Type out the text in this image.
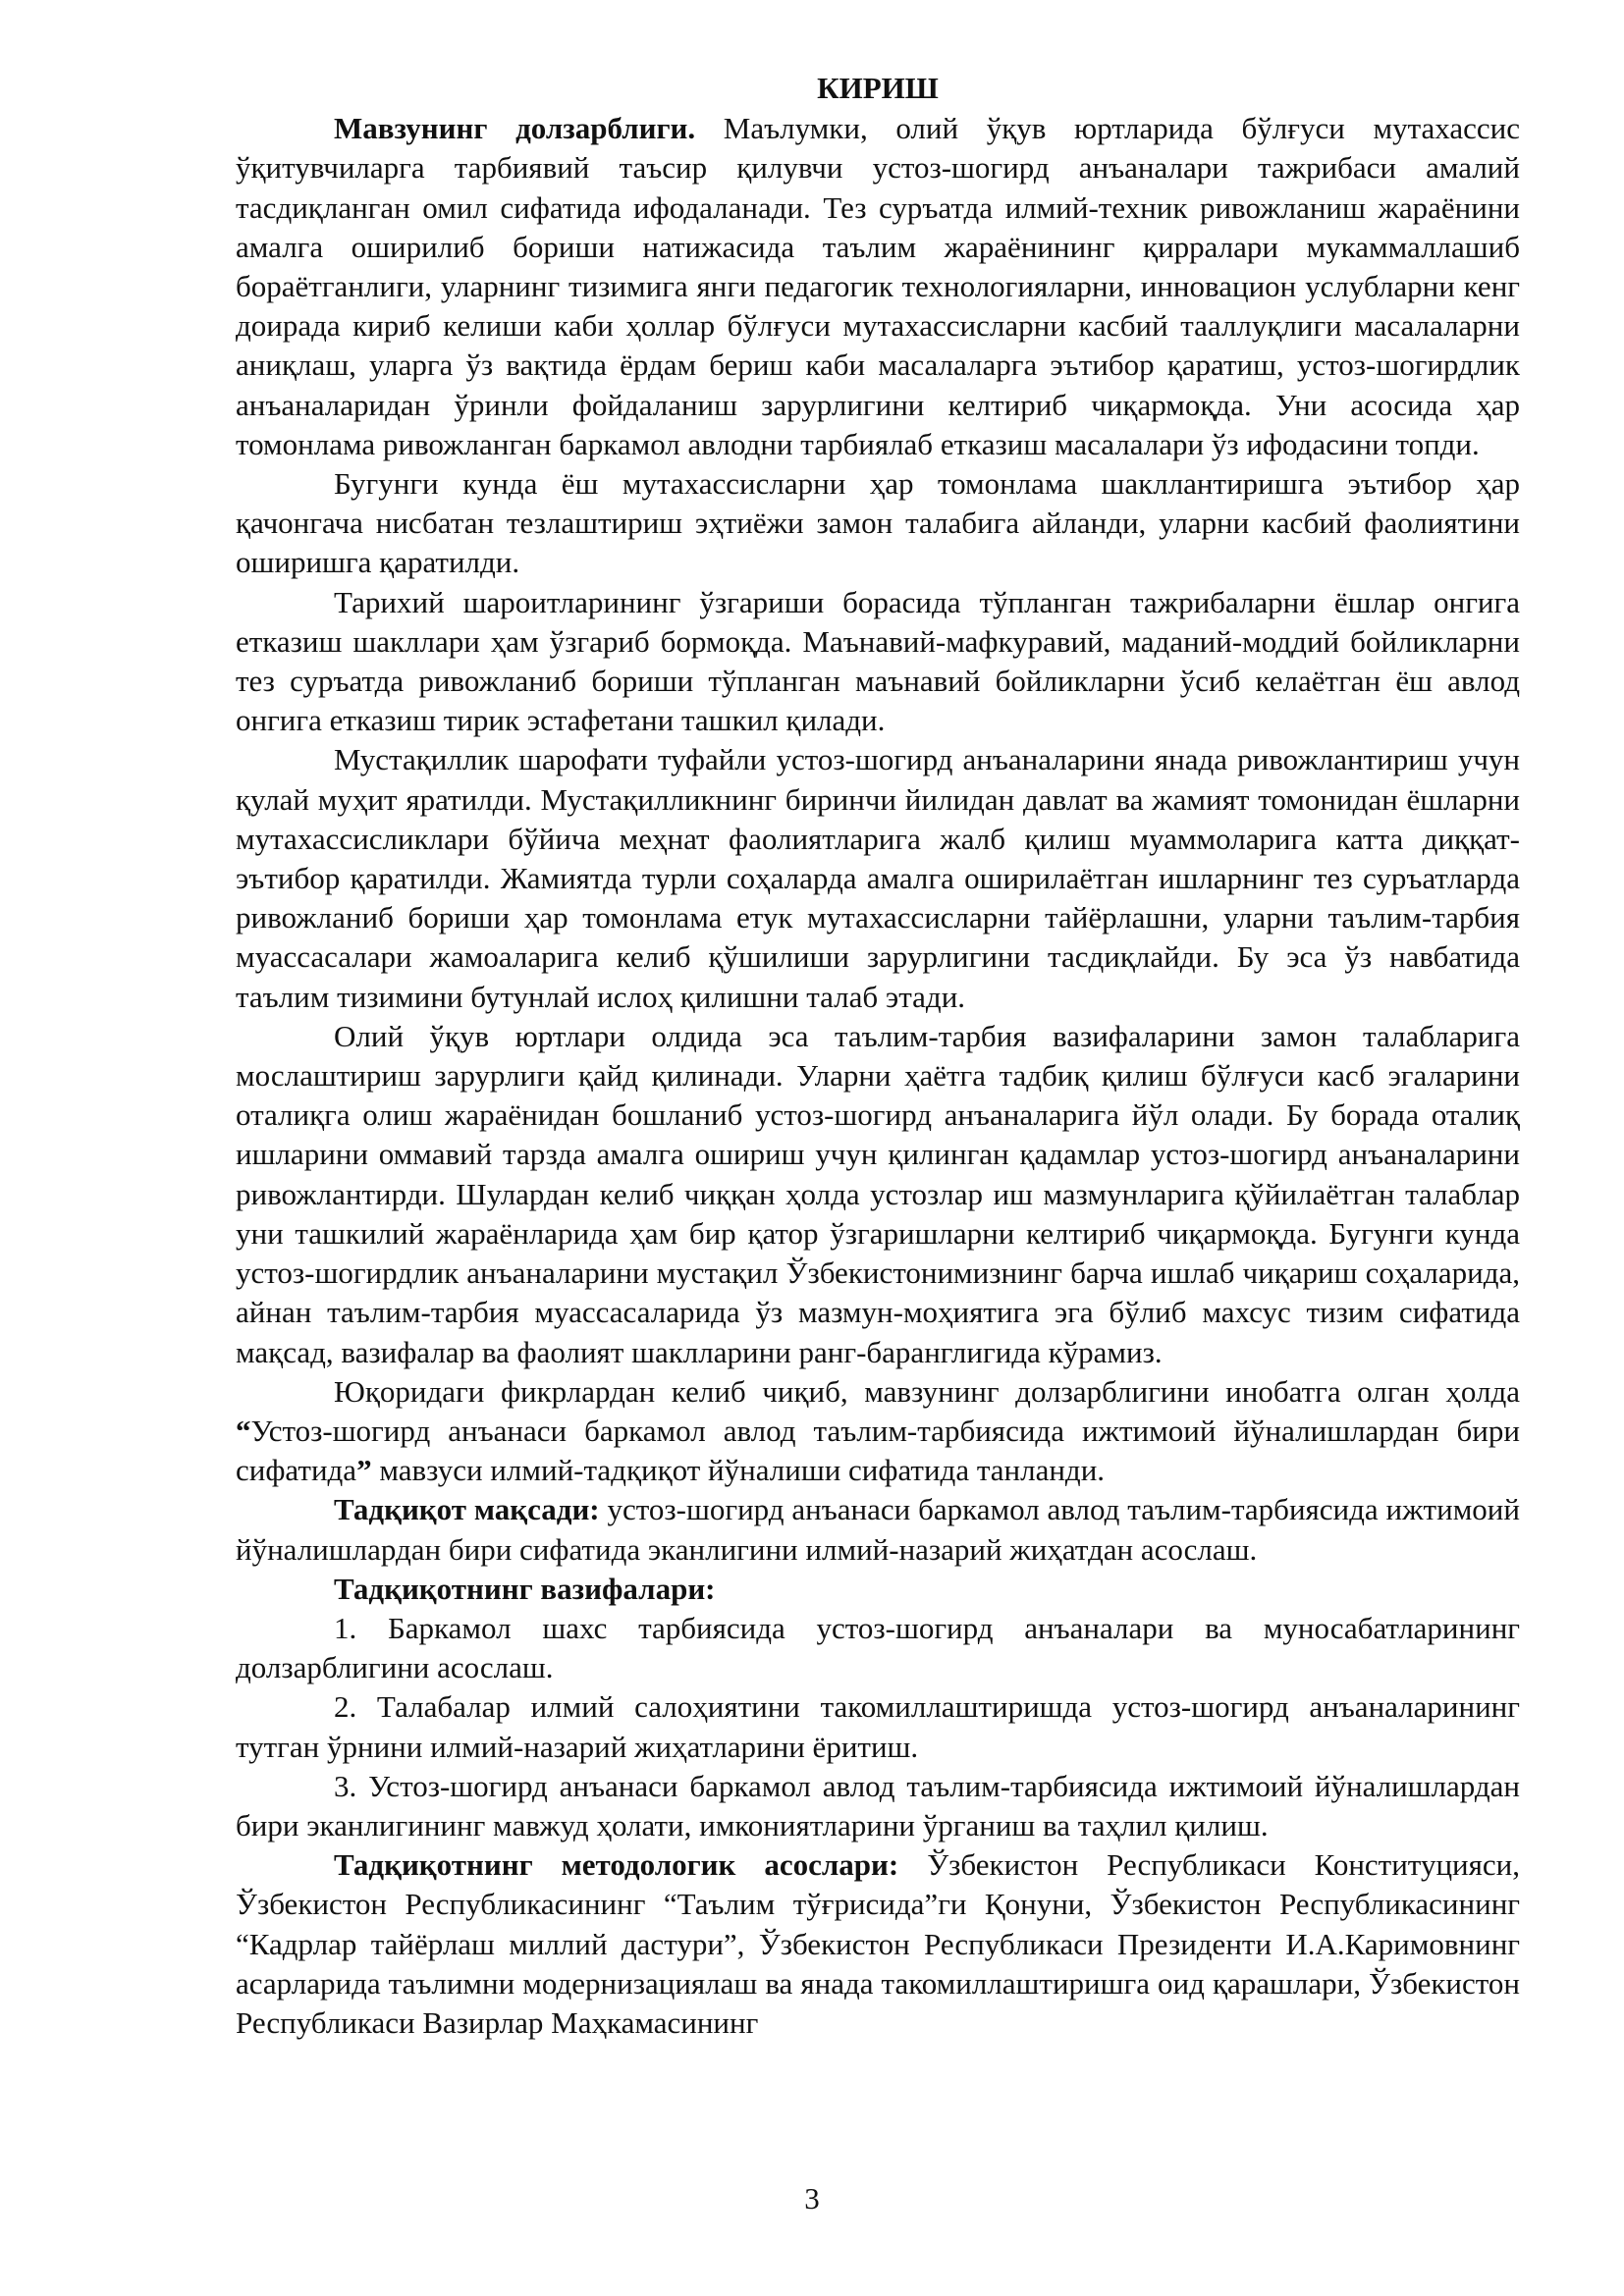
КИРИШ

Мавзунинг долзарблиги. Маълумки, олий ўқув юртларида бўлғуси мутахассис ўқитувчиларга тарбиявий таъсир қилувчи устоз-шогирд анъаналари тажрибаси амалий тасдиқланган омил сифатида ифодаланади. Тез суръатда илмий-техник ривожланиш жараёнини амалга оширилиб бориши натижасида таълим жараёнининг қирралари мукаммаллашиб бораётганлиги, уларнинг тизимига янги педагогик технологияларни, инновацион услубларни кенг доирада кириб келиши каби ҳоллар бўлғуси мутахассисларни касбий тааллуқлиги масалаларни аниқлаш, уларга ўз вақтида ёрдам бериш каби масалаларга эътибор қаратиш, устоз-шогирдлик анъаналаридан ўринли фойдаланиш зарурлигини келтириб чиқармоқда. Уни асосида ҳар томонлама ривожланган баркамол авлодни тарбиялаб етказиш масалалари ўз ифодасини топди.

Бугунги кунда ёш мутахассисларни ҳар томонлама шакллантиришга эътибор ҳар қачонгача нисбатан тезлаштириш эҳтиёжи замон талабига айланди, уларни касбий фаолиятини оширишга қаратилди.

Тарихий шароитларининг ўзгариши борасида тўпланган тажрибаларни ёшлар онгига етказиш шакллари ҳам ўзгариб бормоқда. Маънавий-мафкуравий, маданий-моддий бойликларни тез суръатда ривожланиб бориши тўпланган маънавий бойликларни ўсиб келаётган ёш авлод онгига етказиш тирик эстафетани ташкил қилади.

Мустақиллик шарофати туфайли устоз-шогирд анъаналарини янада ривожлантириш учун қулай муҳит яратилди. Мустақилликнинг биринчи йилидан давлат ва жамият томонидан ёшларни мутахассисликлари бўйича меҳнат фаолиятларига жалб қилиш муаммоларига катта диққат-эътибор қаратилди. Жамиятда турли соҳаларда амалга оширилаётган ишларнинг тез суръатларда ривожланиб бориши ҳар томонлама етук мутахассисларни тайёрлашни, уларни таълим-тарбия муассасалари жамоаларига келиб қўшилиши зарурлигини тасдиқлайди. Бу эса ўз навбатида таълим тизимини бутунлай ислоҳ қилишни талаб этади.

Олий ўқув юртлари олдида эса таълим-тарбия вазифаларини замон талабларига мослаштириш зарурлиги қайд қилинади. Уларни ҳаётга тадбиқ қилиш бўлғуси касб эгаларини оталиқга олиш жараёнидан бошланиб устоз-шогирд анъаналарига йўл олади. Бу борада оталиқ ишларини оммавий тарзда амалга ошириш учун қилинган қадамлар устоз-шогирд анъаналарини ривожлантирди. Шулардан келиб чиққан ҳолда устозлар иш мазмунларига қўйилаётган талаблар уни ташкилий жараёнларида ҳам бир қатор ўзгаришларни келтириб чиқармоқда. Бугунги кунда устоз-шогирдлик анъаналарини мустақил Ўзбекистонимизнинг барча ишлаб чиқариш соҳаларида, айнан таълим-тарбия муассасаларида ўз мазмун-моҳиятига эга бўлиб махсус тизим сифатида мақсад, вазифалар ва фаолият шаклларини ранг-баранглигида кўрамиз.

Юқоридаги фикрлардан келиб чиқиб, мавзунинг долзарблигини инобатга олган ҳолда “Устоз-шогирд анъанаси баркамол авлод таълим-тарбиясида ижтимоий йўналишлардан бири сифатида” мавзуси илмий-тадқиқот йўналиши сифатида танланди.

Тадқиқот мақсади: устоз-шогирд анъанаси баркамол авлод таълим-тарбиясида ижтимоий йўналишлардан бири сифатида эканлигини илмий-назарий жиҳатдан асослаш.

Тадқиқотнинг вазифалари:

1. Баркамол шахс тарбиясида устоз-шогирд анъаналари ва муносабатларининг долзарблигини асослаш.

2. Талабалар илмий салоҳиятини такомиллаштиришда устоз-шогирд анъаналарининг тутган ўрнини илмий-назарий жиҳатларини ёритиш.

3. Устоз-шогирд анъанаси баркамол авлод таълим-тарбиясида ижтимоий йўналишлардан бири эканлигининг мавжуд ҳолати, имкониятларини ўрганиш ва таҳлил қилиш.

Тадқиқотнинг методологик асослари: Ўзбекистон Республикаси Конституцияси, Ўзбекистон Республикасининг “Таълим тўғрисида”ги Қонуни, Ўзбекистон Республикасининг “Кадрлар тайёрлаш миллий дастури”, Ўзбекистон Республикаси Президенти И.А.Каримовнинг асарларида таълимни модернизациялаш ва янада такомиллаштиришга оид қарашлари, Ўзбекистон Республикаси Вазирлар Маҳкамасининг

3
